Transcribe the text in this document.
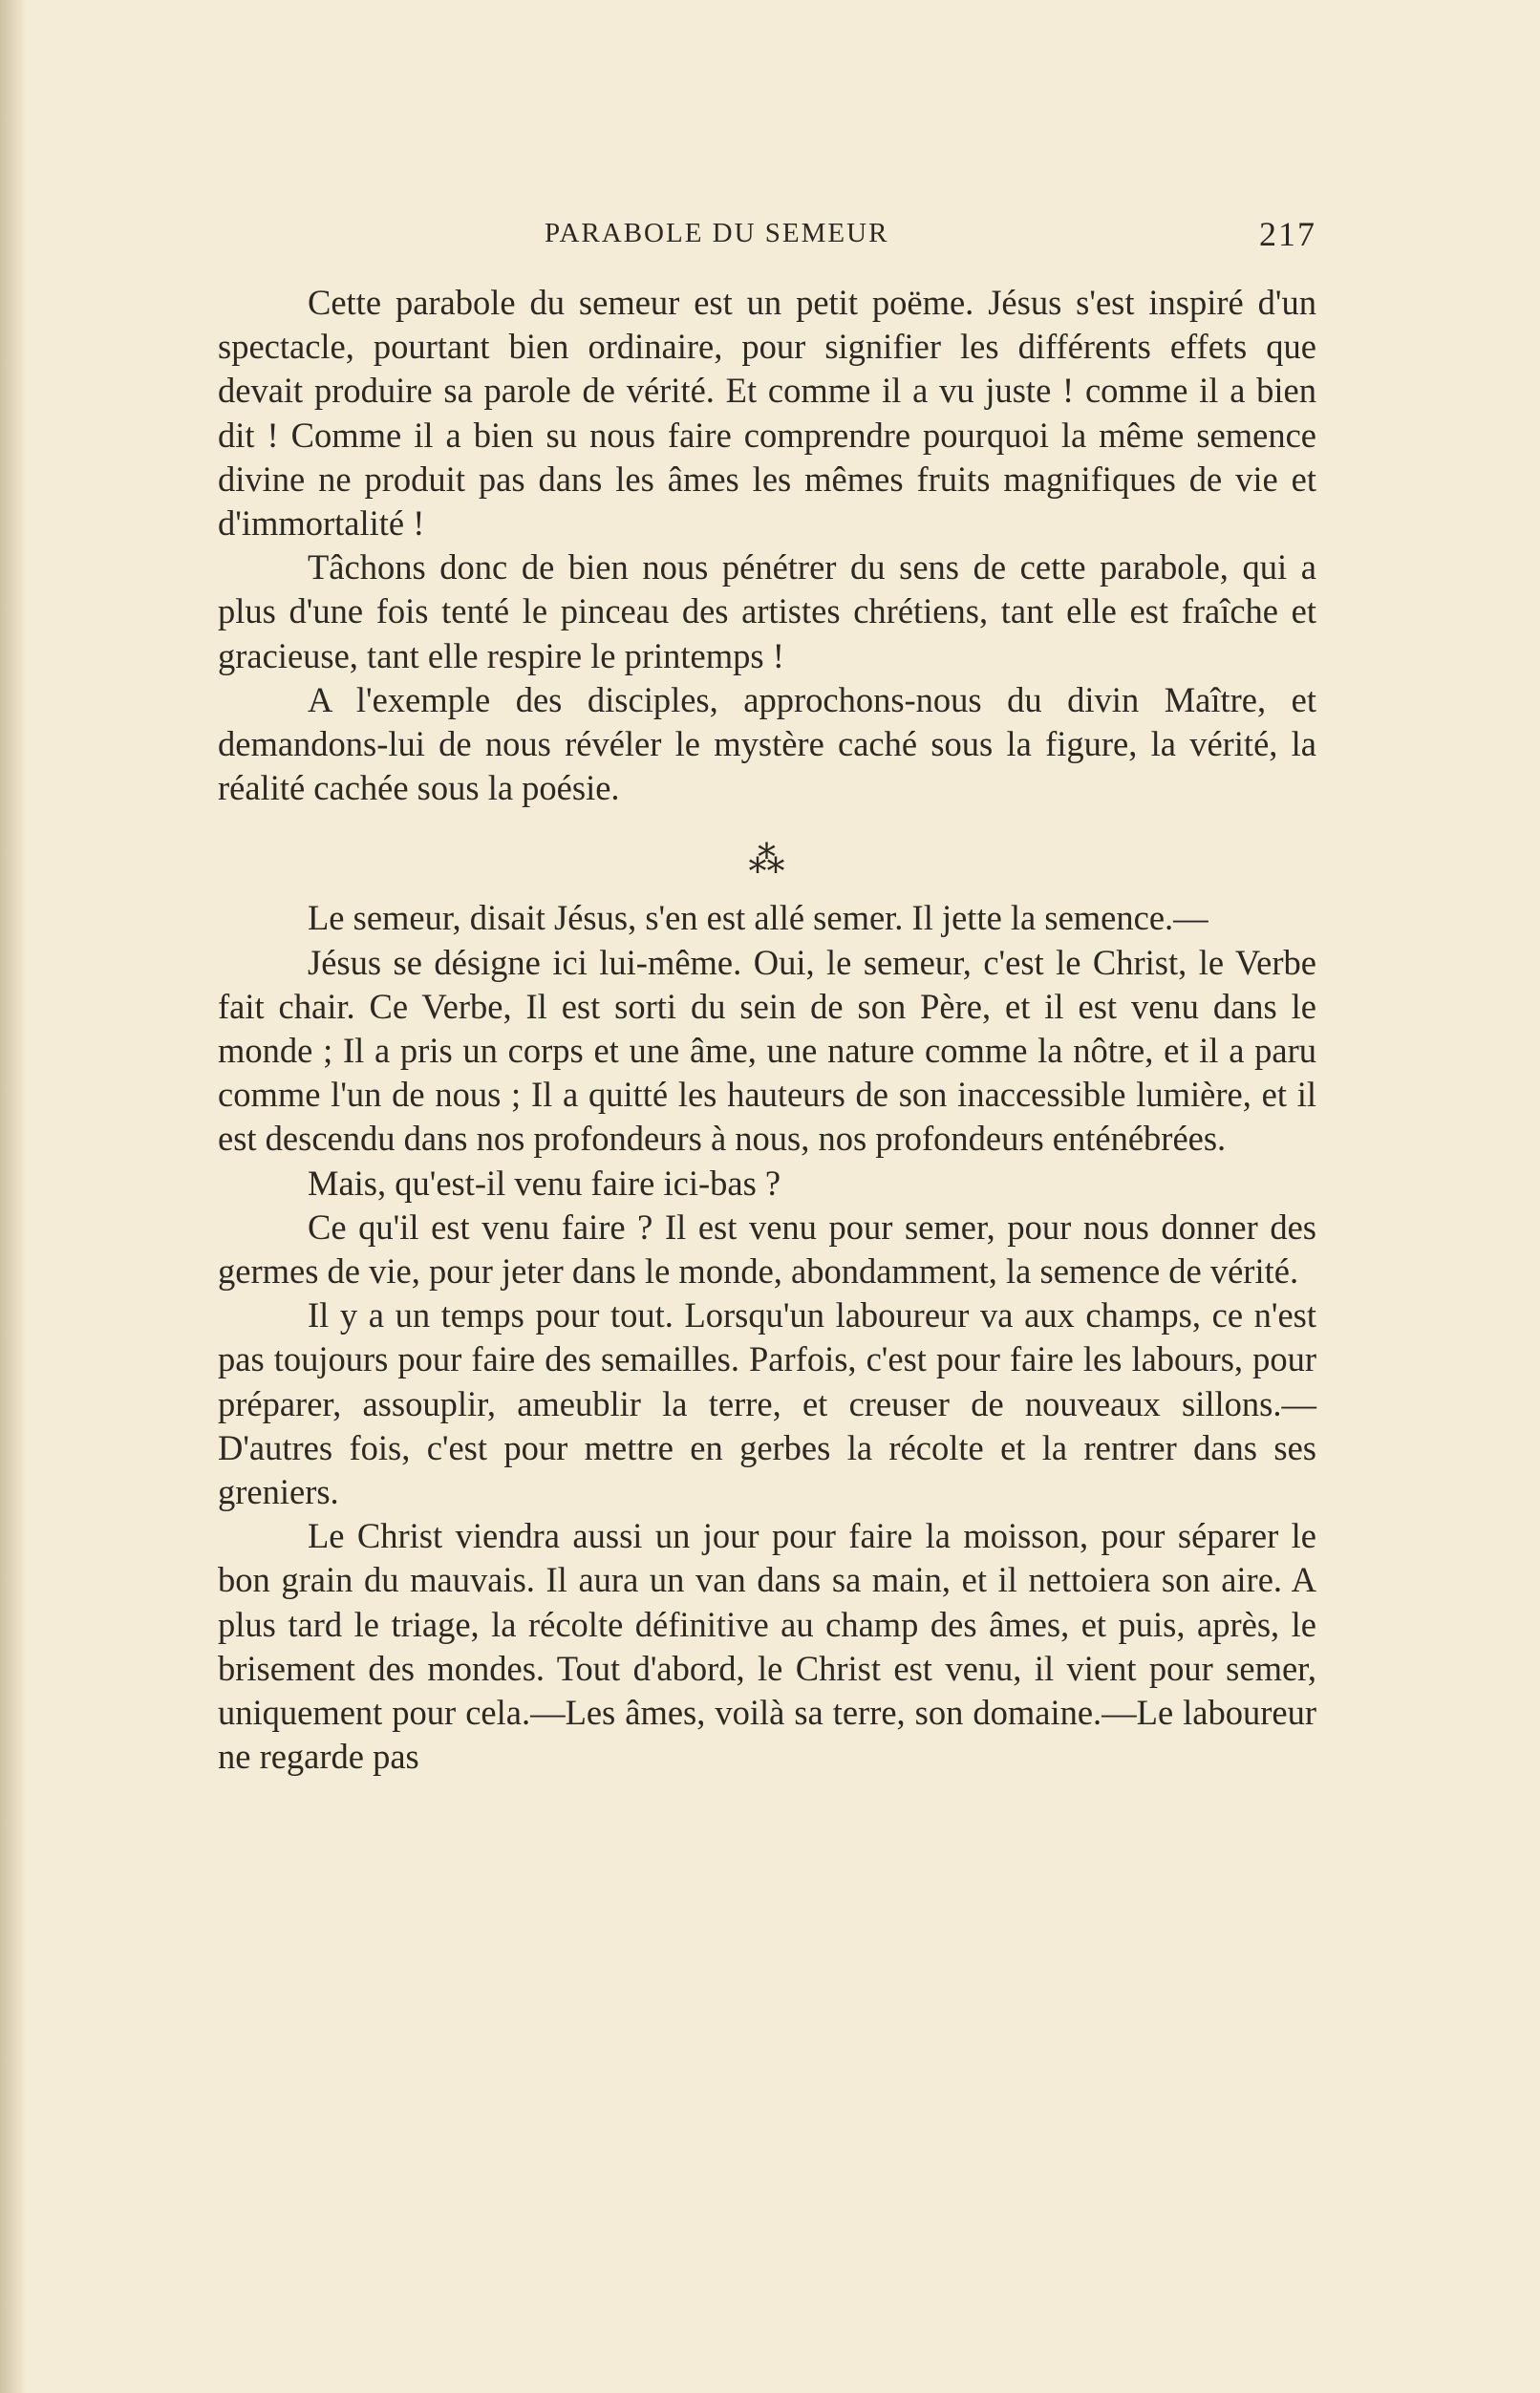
PARABOLE DU SEMEUR	217

Cette parabole du semeur est un petit poëme. Jésus s'est inspiré d'un spectacle, pourtant bien ordinaire, pour signifier les différents effets que devait produire sa parole de vérité. Et comme il a vu juste ! comme il a bien dit ! Comme il a bien su nous faire comprendre pourquoi la même semence divine ne produit pas dans les âmes les mêmes fruits magnifiques de vie et d'immortalité !

Tâchons donc de bien nous pénétrer du sens de cette parabole, qui a plus d'une fois tenté le pinceau des artistes chrétiens, tant elle est fraîche et gracieuse, tant elle respire le printemps !

A l'exemple des disciples, approchons-nous du divin Maître, et demandons-lui de nous révéler le mystère caché sous la figure, la vérité, la réalité cachée sous la poésie.

⁂

Le semeur, disait Jésus, s'en est allé semer. Il jette la semence.—

Jésus se désigne ici lui-même. Oui, le semeur, c'est le Christ, le Verbe fait chair. Ce Verbe, Il est sorti du sein de son Père, et il est venu dans le monde ; Il a pris un corps et une âme, une nature comme la nôtre, et il a paru comme l'un de nous ; Il a quitté les hauteurs de son inaccessible lumière, et il est descendu dans nos profondeurs à nous, nos profondeurs enténébrées.

Mais, qu'est-il venu faire ici-bas ?

Ce qu'il est venu faire ? Il est venu pour semer, pour nous donner des germes de vie, pour jeter dans le monde, abondamment, la semence de vérité.

Il y a un temps pour tout. Lorsqu'un laboureur va aux champs, ce n'est pas toujours pour faire des semailles. Parfois, c'est pour faire les labours, pour préparer, assouplir, ameublir la terre, et creuser de nouveaux sillons.— D'autres fois, c'est pour mettre en gerbes la récolte et la rentrer dans ses greniers.

Le Christ viendra aussi un jour pour faire la moisson, pour séparer le bon grain du mauvais. Il aura un van dans sa main, et il nettoiera son aire. A plus tard le triage, la récolte définitive au champ des âmes, et puis, après, le brisement des mondes. Tout d'abord, le Christ est venu, il vient pour semer, uniquement pour cela.—Les âmes, voilà sa terre, son domaine.—Le laboureur ne regarde pas
